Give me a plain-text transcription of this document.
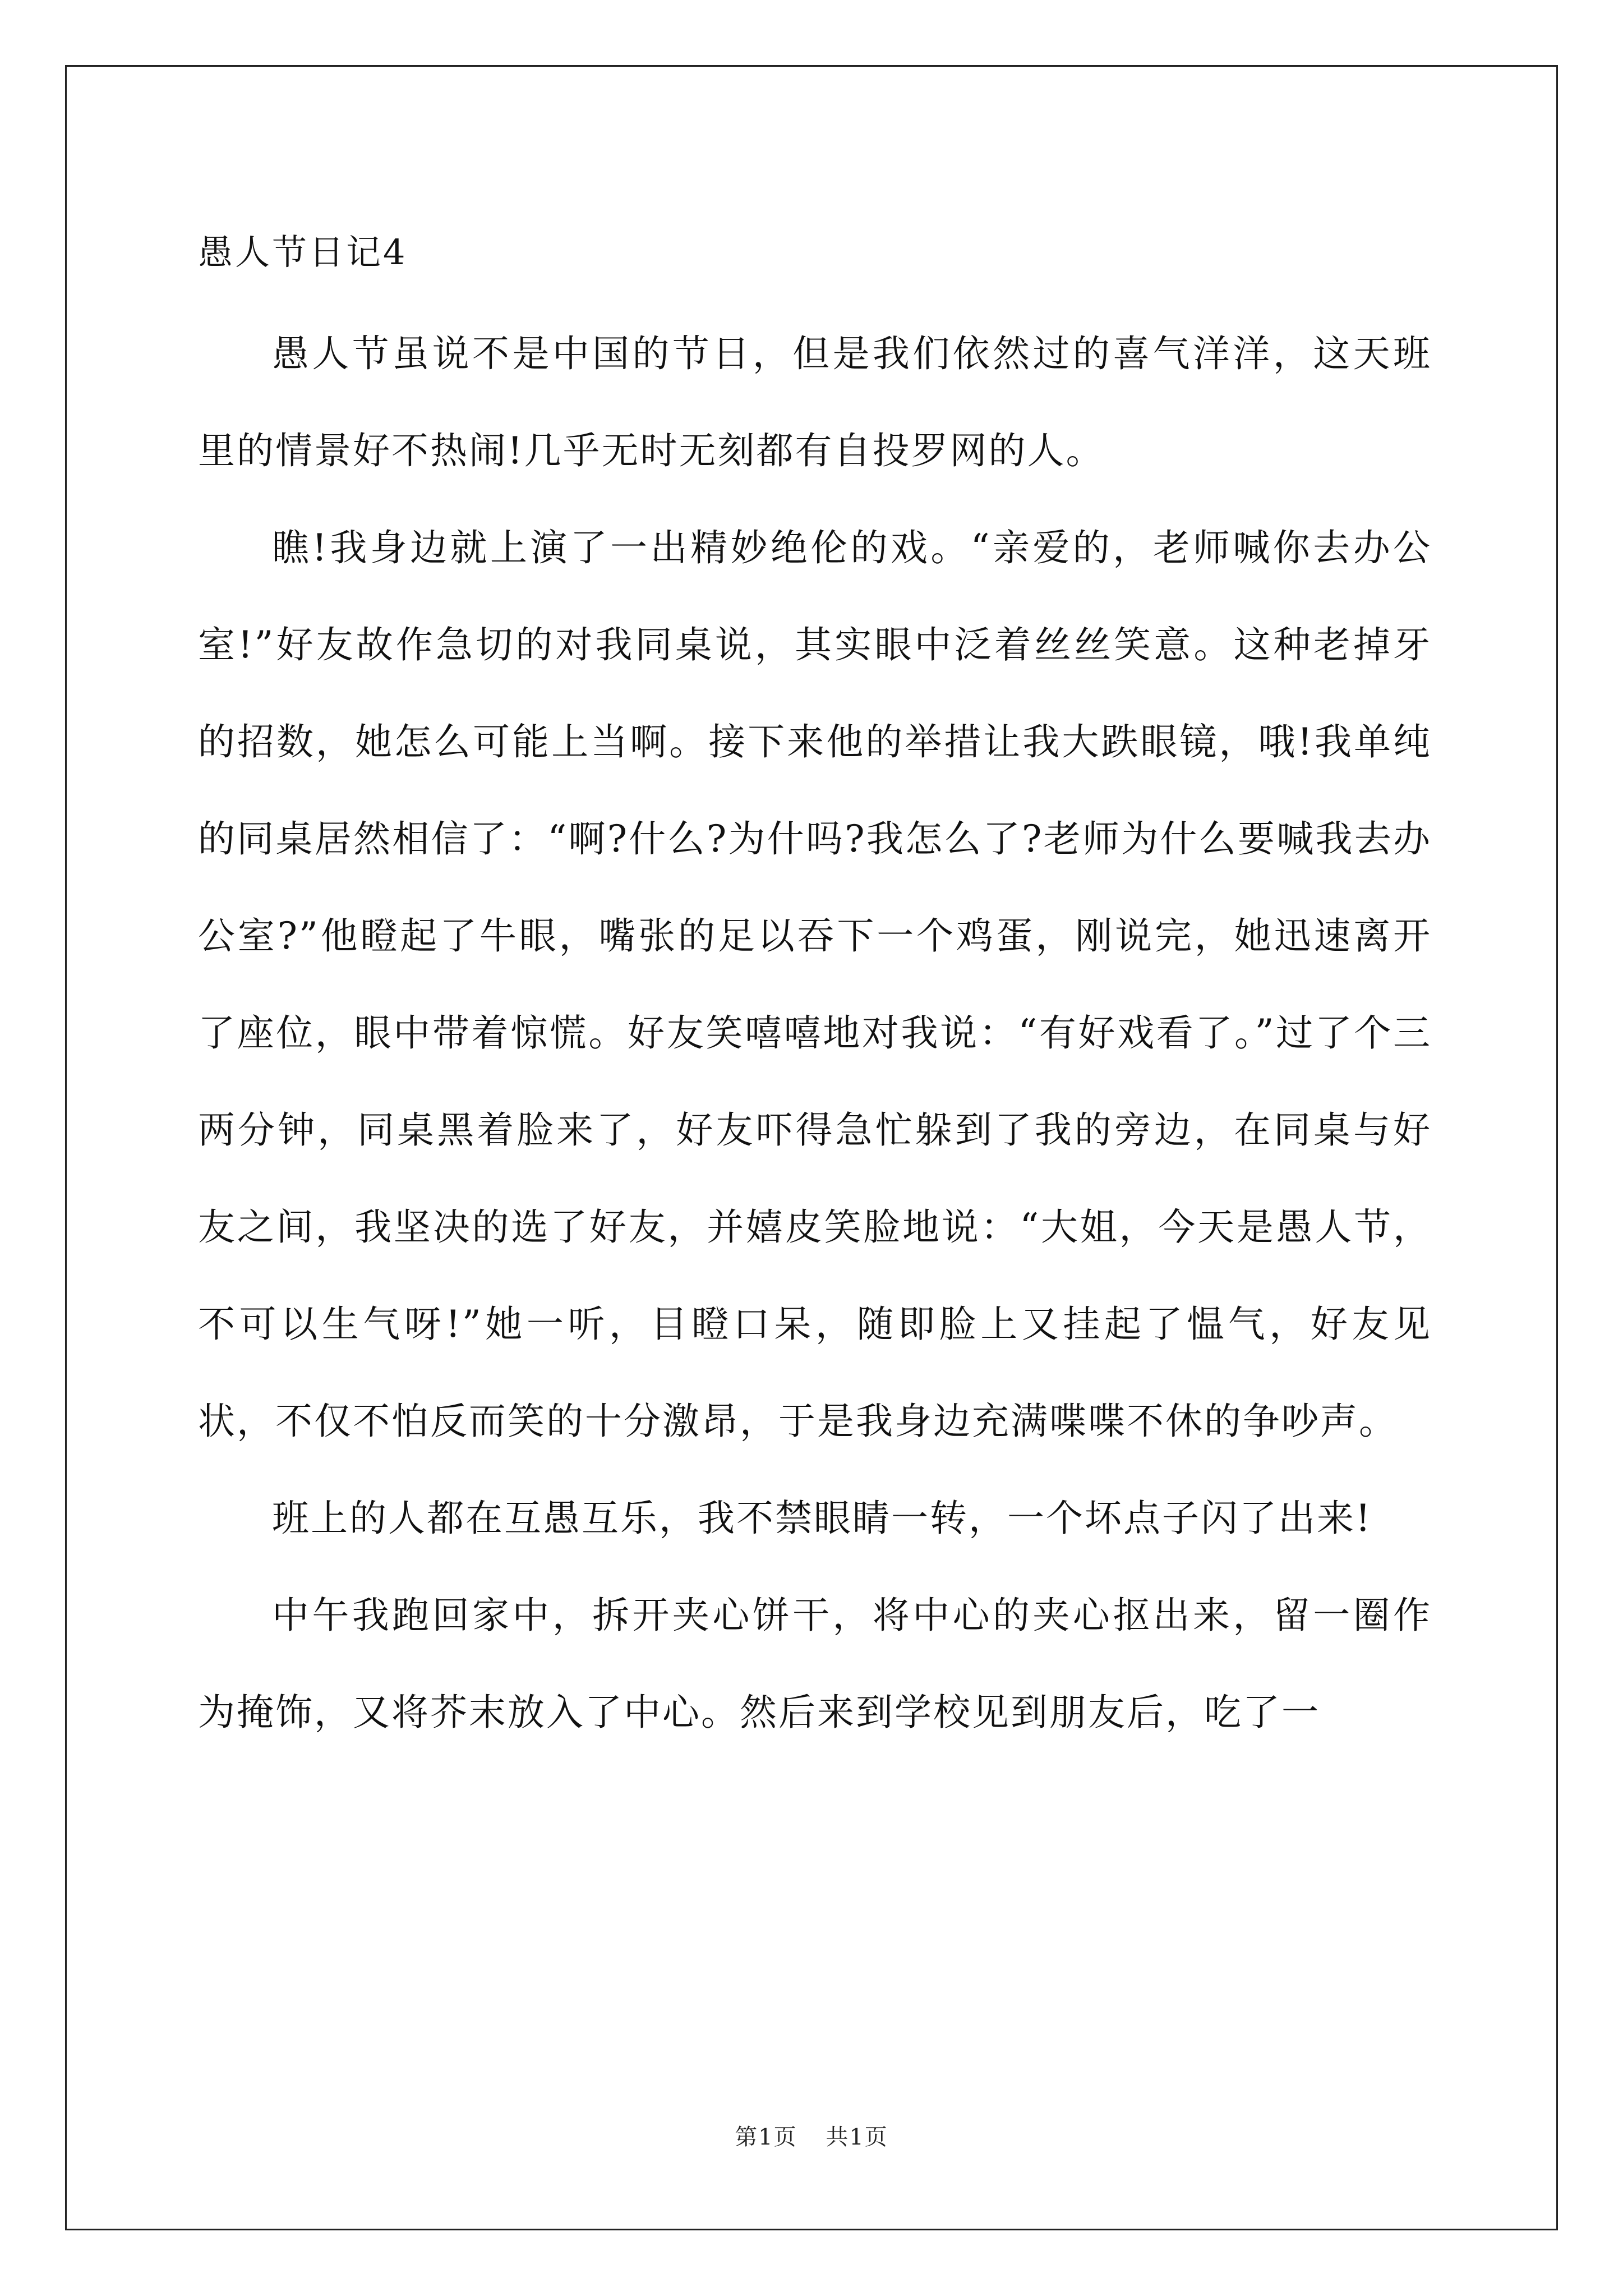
愚人节日记4

愚人节虽说不是中国的节日，但是我们依然过的喜气洋洋，这天班里的情景好不热闹!几乎无时无刻都有自投罗网的人。

瞧!我身边就上演了一出精妙绝伦的戏。“亲爱的，老师喊你去办公室!”好友故作急切的对我同桌说，其实眼中泛着丝丝笑意。这种老掉牙的招数，她怎么可能上当啊。接下来他的举措让我大跌眼镜，哦!我单纯的同桌居然相信了：“啊?什么?为什吗?我怎么了?老师为什么要喊我去办公室?”他瞪起了牛眼，嘴张的足以吞下一个鸡蛋，刚说完，她迅速离开了座位，眼中带着惊慌。好友笑嘻嘻地对我说：“有好戏看了。”过了个三两分钟，同桌黑着脸来了，好友吓得急忙躲到了我的旁边，在同桌与好友之间，我坚决的选了好友，并嬉皮笑脸地说：“大姐，今天是愚人节，不可以生气呀!”她一听，目瞪口呆，随即脸上又挂起了愠气，好友见状，不仅不怕反而笑的十分激昂，于是我身边充满喋喋不休的争吵声。

班上的人都在互愚互乐，我不禁眼睛一转，一个坏点子闪了出来!

中午我跑回家中，拆开夹心饼干，将中心的夹心抠出来，留一圈作为掩饰，又将芥末放入了中心。然后来到学校见到朋友后，吃了一

第1页 共1页
